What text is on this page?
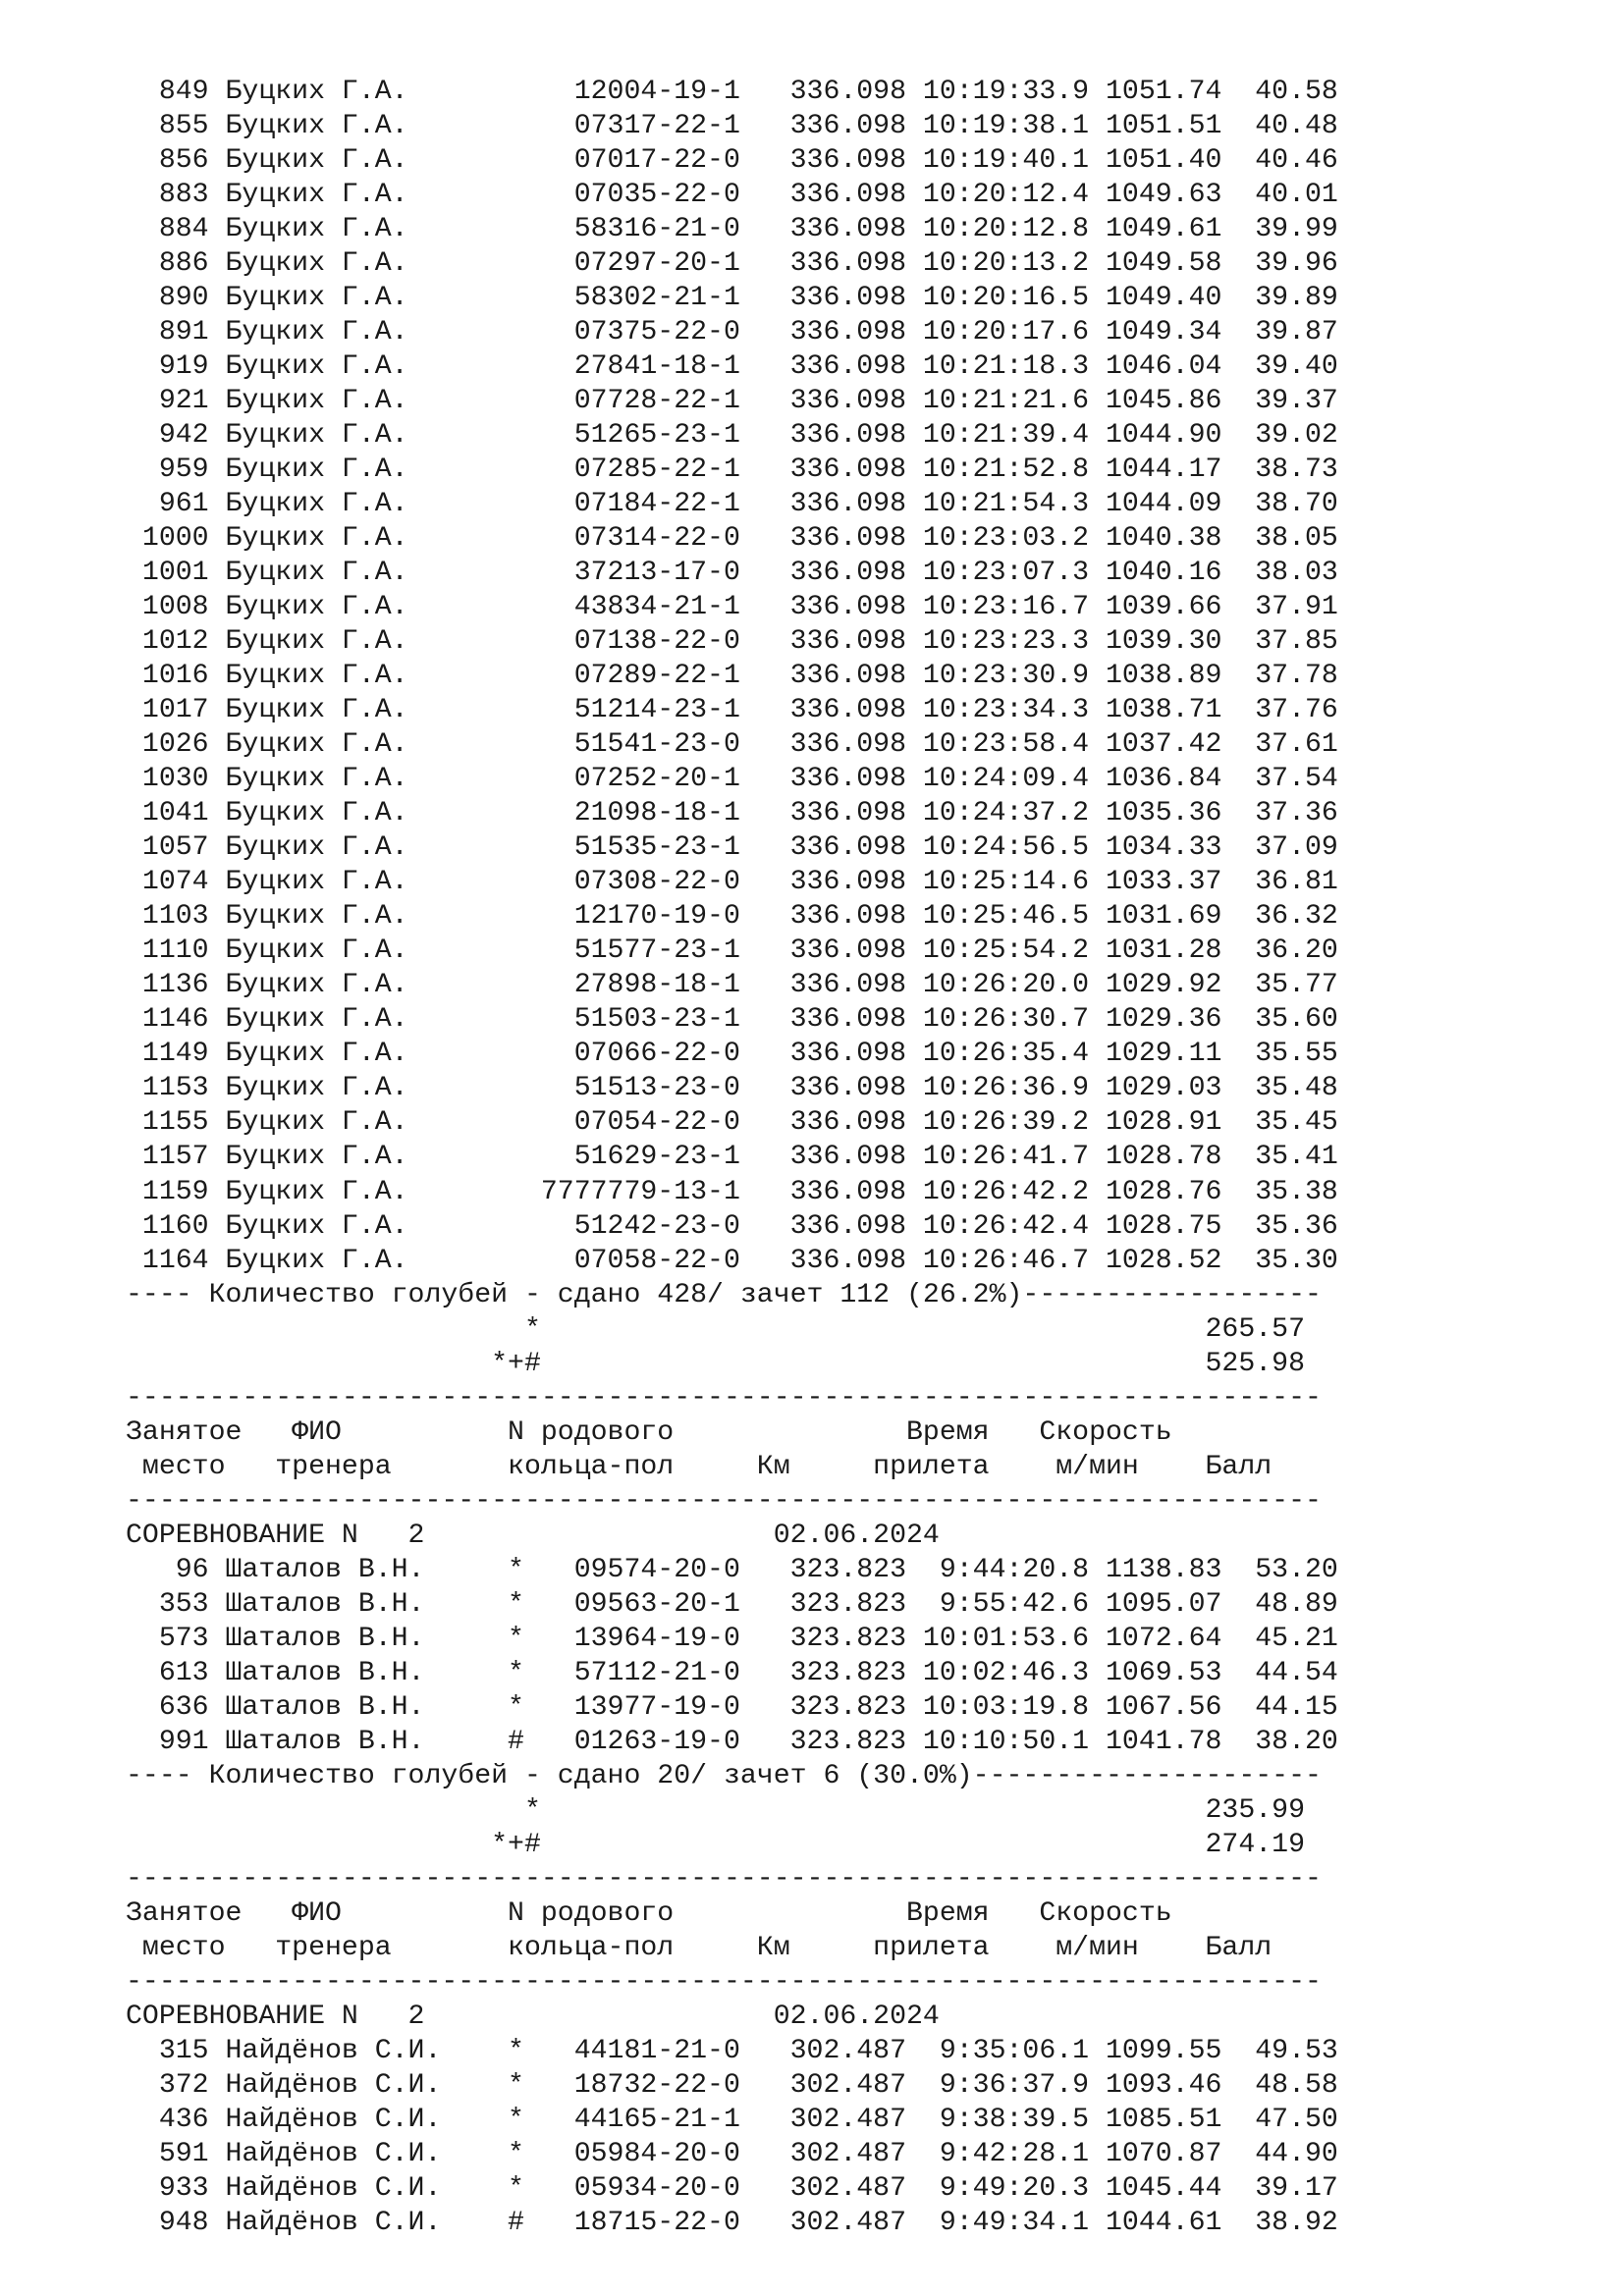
849 Буцких Г.А.          12004-19-1   336.098 10:19:33.9 1051.74  40.58
855 Буцких Г.А.          07317-22-1   336.098 10:19:38.1 1051.51  40.48
856 Буцких Г.А.          07017-22-0   336.098 10:19:40.1 1051.40  40.46
883 Буцких Г.А.          07035-22-0   336.098 10:20:12.4 1049.63  40.01
884 Буцких Г.А.          58316-21-0   336.098 10:20:12.8 1049.61  39.99
886 Буцких Г.А.          07297-20-1   336.098 10:20:13.2 1049.58  39.96
890 Буцких Г.А.          58302-21-1   336.098 10:20:16.5 1049.40  39.89
891 Буцких Г.А.          07375-22-0   336.098 10:20:17.6 1049.34  39.87
919 Буцких Г.А.          27841-18-1   336.098 10:21:18.3 1046.04  39.40
921 Буцких Г.А.          07728-22-1   336.098 10:21:21.6 1045.86  39.37
942 Буцких Г.А.          51265-23-1   336.098 10:21:39.4 1044.90  39.02
959 Буцких Г.А.          07285-22-1   336.098 10:21:52.8 1044.17  38.73
961 Буцких Г.А.          07184-22-1   336.098 10:21:54.3 1044.09  38.70
1000 Буцких Г.А.          07314-22-0   336.098 10:23:03.2 1040.38  38.05
1001 Буцких Г.А.          37213-17-0   336.098 10:23:07.3 1040.16  38.03
1008 Буцких Г.А.          43834-21-1   336.098 10:23:16.7 1039.66  37.91
1012 Буцких Г.А.          07138-22-0   336.098 10:23:23.3 1039.30  37.85
1016 Буцких Г.А.          07289-22-1   336.098 10:23:30.9 1038.89  37.78
1017 Буцких Г.А.          51214-23-1   336.098 10:23:34.3 1038.71  37.76
1026 Буцких Г.А.          51541-23-0   336.098 10:23:58.4 1037.42  37.61
1030 Буцких Г.А.          07252-20-1   336.098 10:24:09.4 1036.84  37.54
1041 Буцких Г.А.          21098-18-1   336.098 10:24:37.2 1035.36  37.36
1057 Буцких Г.А.          51535-23-1   336.098 10:24:56.5 1034.33  37.09
1074 Буцких Г.А.          07308-22-0   336.098 10:25:14.6 1033.37  36.81
1103 Буцких Г.А.          12170-19-0   336.098 10:25:46.5 1031.69  36.32
1110 Буцких Г.А.          51577-23-1   336.098 10:25:54.2 1031.28  36.20
1136 Буцких Г.А.          27898-18-1   336.098 10:26:20.0 1029.92  35.77
1146 Буцких Г.А.          51503-23-1   336.098 10:26:30.7 1029.36  35.60
1149 Буцких Г.А.          07066-22-0   336.098 10:26:35.4 1029.11  35.55
1153 Буцких Г.А.          51513-23-0   336.098 10:26:36.9 1029.03  35.48
1155 Буцких Г.А.          07054-22-0   336.098 10:26:39.2 1028.91  35.45
1157 Буцких Г.А.          51629-23-1   336.098 10:26:41.7 1028.78  35.41
1159 Буцких Г.А.        7777779-13-1   336.098 10:26:42.2 1028.76  35.38
1160 Буцких Г.А.          51242-23-0   336.098 10:26:42.4 1028.75  35.36
1164 Буцких Г.А.          07058-22-0   336.098 10:26:46.7 1028.52  35.30
---- Количество голубей - сдано 428/ зачет 112 (26.2%)------------------
*                                        265.57
*+#                                        525.98
------------------------------------------------------------------------
Занятое   ФИО          N родового              Время   Скорость
место   тренера       кольца-пол     Км     прилета    м/мин    Балл
------------------------------------------------------------------------
СОРЕВНОВАНИЕ N   2                     02.06.2024
96 Шаталов В.Н.     *   09574-20-0   323.823  9:44:20.8 1138.83  53.20
353 Шаталов В.Н.     *   09563-20-1   323.823  9:55:42.6 1095.07  48.89
573 Шаталов В.Н.     *   13964-19-0   323.823 10:01:53.6 1072.64  45.21
613 Шаталов В.Н.     *   57112-21-0   323.823 10:02:46.3 1069.53  44.54
636 Шаталов В.Н.     *   13977-19-0   323.823 10:03:19.8 1067.56  44.15
991 Шаталов В.Н.     #   01263-19-0   323.823 10:10:50.1 1041.78  38.20
---- Количество голубей - сдано 20/ зачет 6 (30.0%)---------------------
*                                        235.99
*+#                                        274.19
------------------------------------------------------------------------
Занятое   ФИО          N родового              Время   Скорость
место   тренера       кольца-пол     Км     прилета    м/мин    Балл
------------------------------------------------------------------------
СОРЕВНОВАНИЕ N   2                     02.06.2024
315 Найдёнов С.И.    *   44181-21-0   302.487  9:35:06.1 1099.55  49.53
372 Найдёнов С.И.    *   18732-22-0   302.487  9:36:37.9 1093.46  48.58
436 Найдёнов С.И.    *   44165-21-1   302.487  9:38:39.5 1085.51  47.50
591 Найдёнов С.И.    *   05984-20-0   302.487  9:42:28.1 1070.87  44.90
933 Найдёнов С.И.    *   05934-20-0   302.487  9:49:20.3 1045.44  39.17
948 Найдёнов С.И.    #   18715-22-0   302.487  9:49:34.1 1044.61  38.92
